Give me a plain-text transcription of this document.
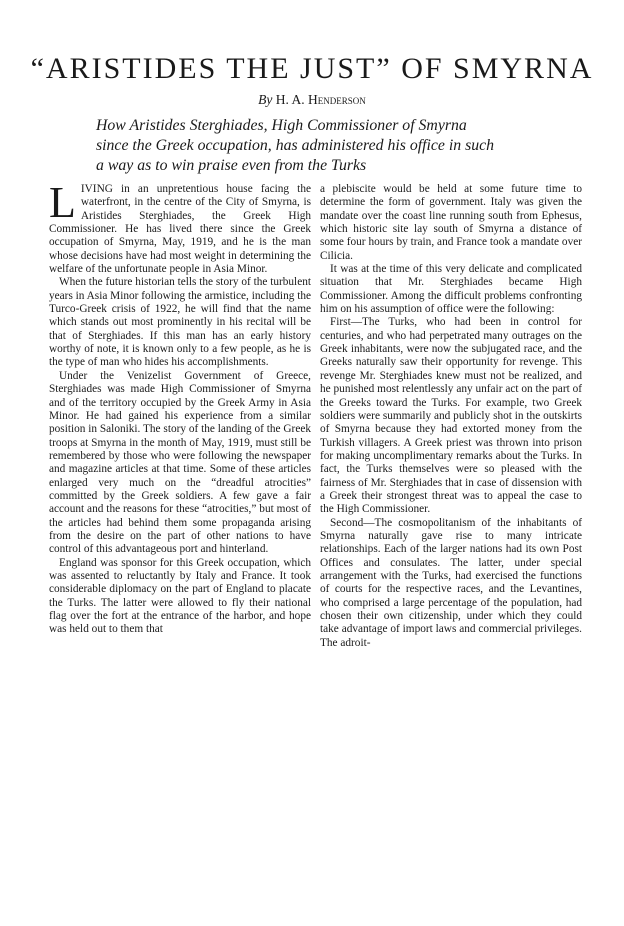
“ARISTIDES THE JUST” OF SMYRNA
By H. A. Henderson
How Aristides Sterghiades, High Commissioner of Smyrna
since the Greek occupation, has administered his office in such
a way as to win praise even from the Turks

LIVING in an unpretentious house facing the waterfront, in the centre of the City of Smyrna, is Aristides Sterghiades, the Greek High Commissioner. He has lived there since the Greek occupation of Smyrna, May, 1919, and he is the man whose decisions have had most weight in determining the welfare of the unfortunate people in Asia Minor.

When the future historian tells the story of the turbulent years in Asia Minor following the armistice, including the Turco-Greek crisis of 1922, he will find that the name which stands out most prominently in his recital will be that of Sterghiades. If this man has an early history worthy of note, it is known only to a few people, as he is the type of man who hides his accomplishments.

Under the Venizelist Government of Greece, Sterghiades was made High Commissioner of Smyrna and of the territory occupied by the Greek Army in Asia Minor. He had gained his experience from a similar position in Saloniki. The story of the landing of the Greek troops at Smyrna in the month of May, 1919, must still be remembered by those who were following the newspaper and magazine articles at that time. Some of these articles enlarged very much on the “dreadful atrocities” committed by the Greek soldiers. A few gave a fair account and the reasons for these “atrocities,” but most of the articles had behind them some propaganda arising from the desire on the part of other nations to have control of this advantageous port and hinterland.

England was sponsor for this Greek occupation, which was assented to reluctantly by Italy and France. It took considerable diplomacy on the part of England to placate the Turks. The latter were allowed to fly their national flag over the fort at the entrance of the harbor, and hope was held out to them that

a plebiscite would be held at some future time to determine the form of government. Italy was given the mandate over the coast line running south from Ephesus, which historic site lay south of Smyrna a distance of some four hours by train, and France took a mandate over Cilicia.

It was at the time of this very delicate and complicated situation that Mr. Sterghiades became High Commissioner. Among the difficult problems confronting him on his assumption of office were the following:

First—The Turks, who had been in control for centuries, and who had perpetrated many outrages on the Greek inhabitants, were now the subjugated race, and the Greeks naturally saw their opportunity for revenge. This revenge Mr. Sterghiades knew must not be realized, and he punished most relentlessly any unfair act on the part of the Greeks toward the Turks. For example, two Greek soldiers were summarily and publicly shot in the outskirts of Smyrna because they had extorted money from the Turkish villagers. A Greek priest was thrown into prison for making uncomplimentary remarks about the Turks. In fact, the Turks themselves were so pleased with the fairness of Mr. Sterghiades that in case of dissension with a Greek their strongest threat was to appeal the case to the High Commissioner.

Second—The cosmopolitanism of the inhabitants of Smyrna naturally gave rise to many intricate relationships. Each of the larger nations had its own Post Offices and consulates. The latter, under special arrangement with the Turks, had exercised the functions of courts for the respective races, and the Levantines, who comprised a large percentage of the population, had chosen their own citizenship, under which they could take advantage of import laws and commercial privileges. The adroit-
